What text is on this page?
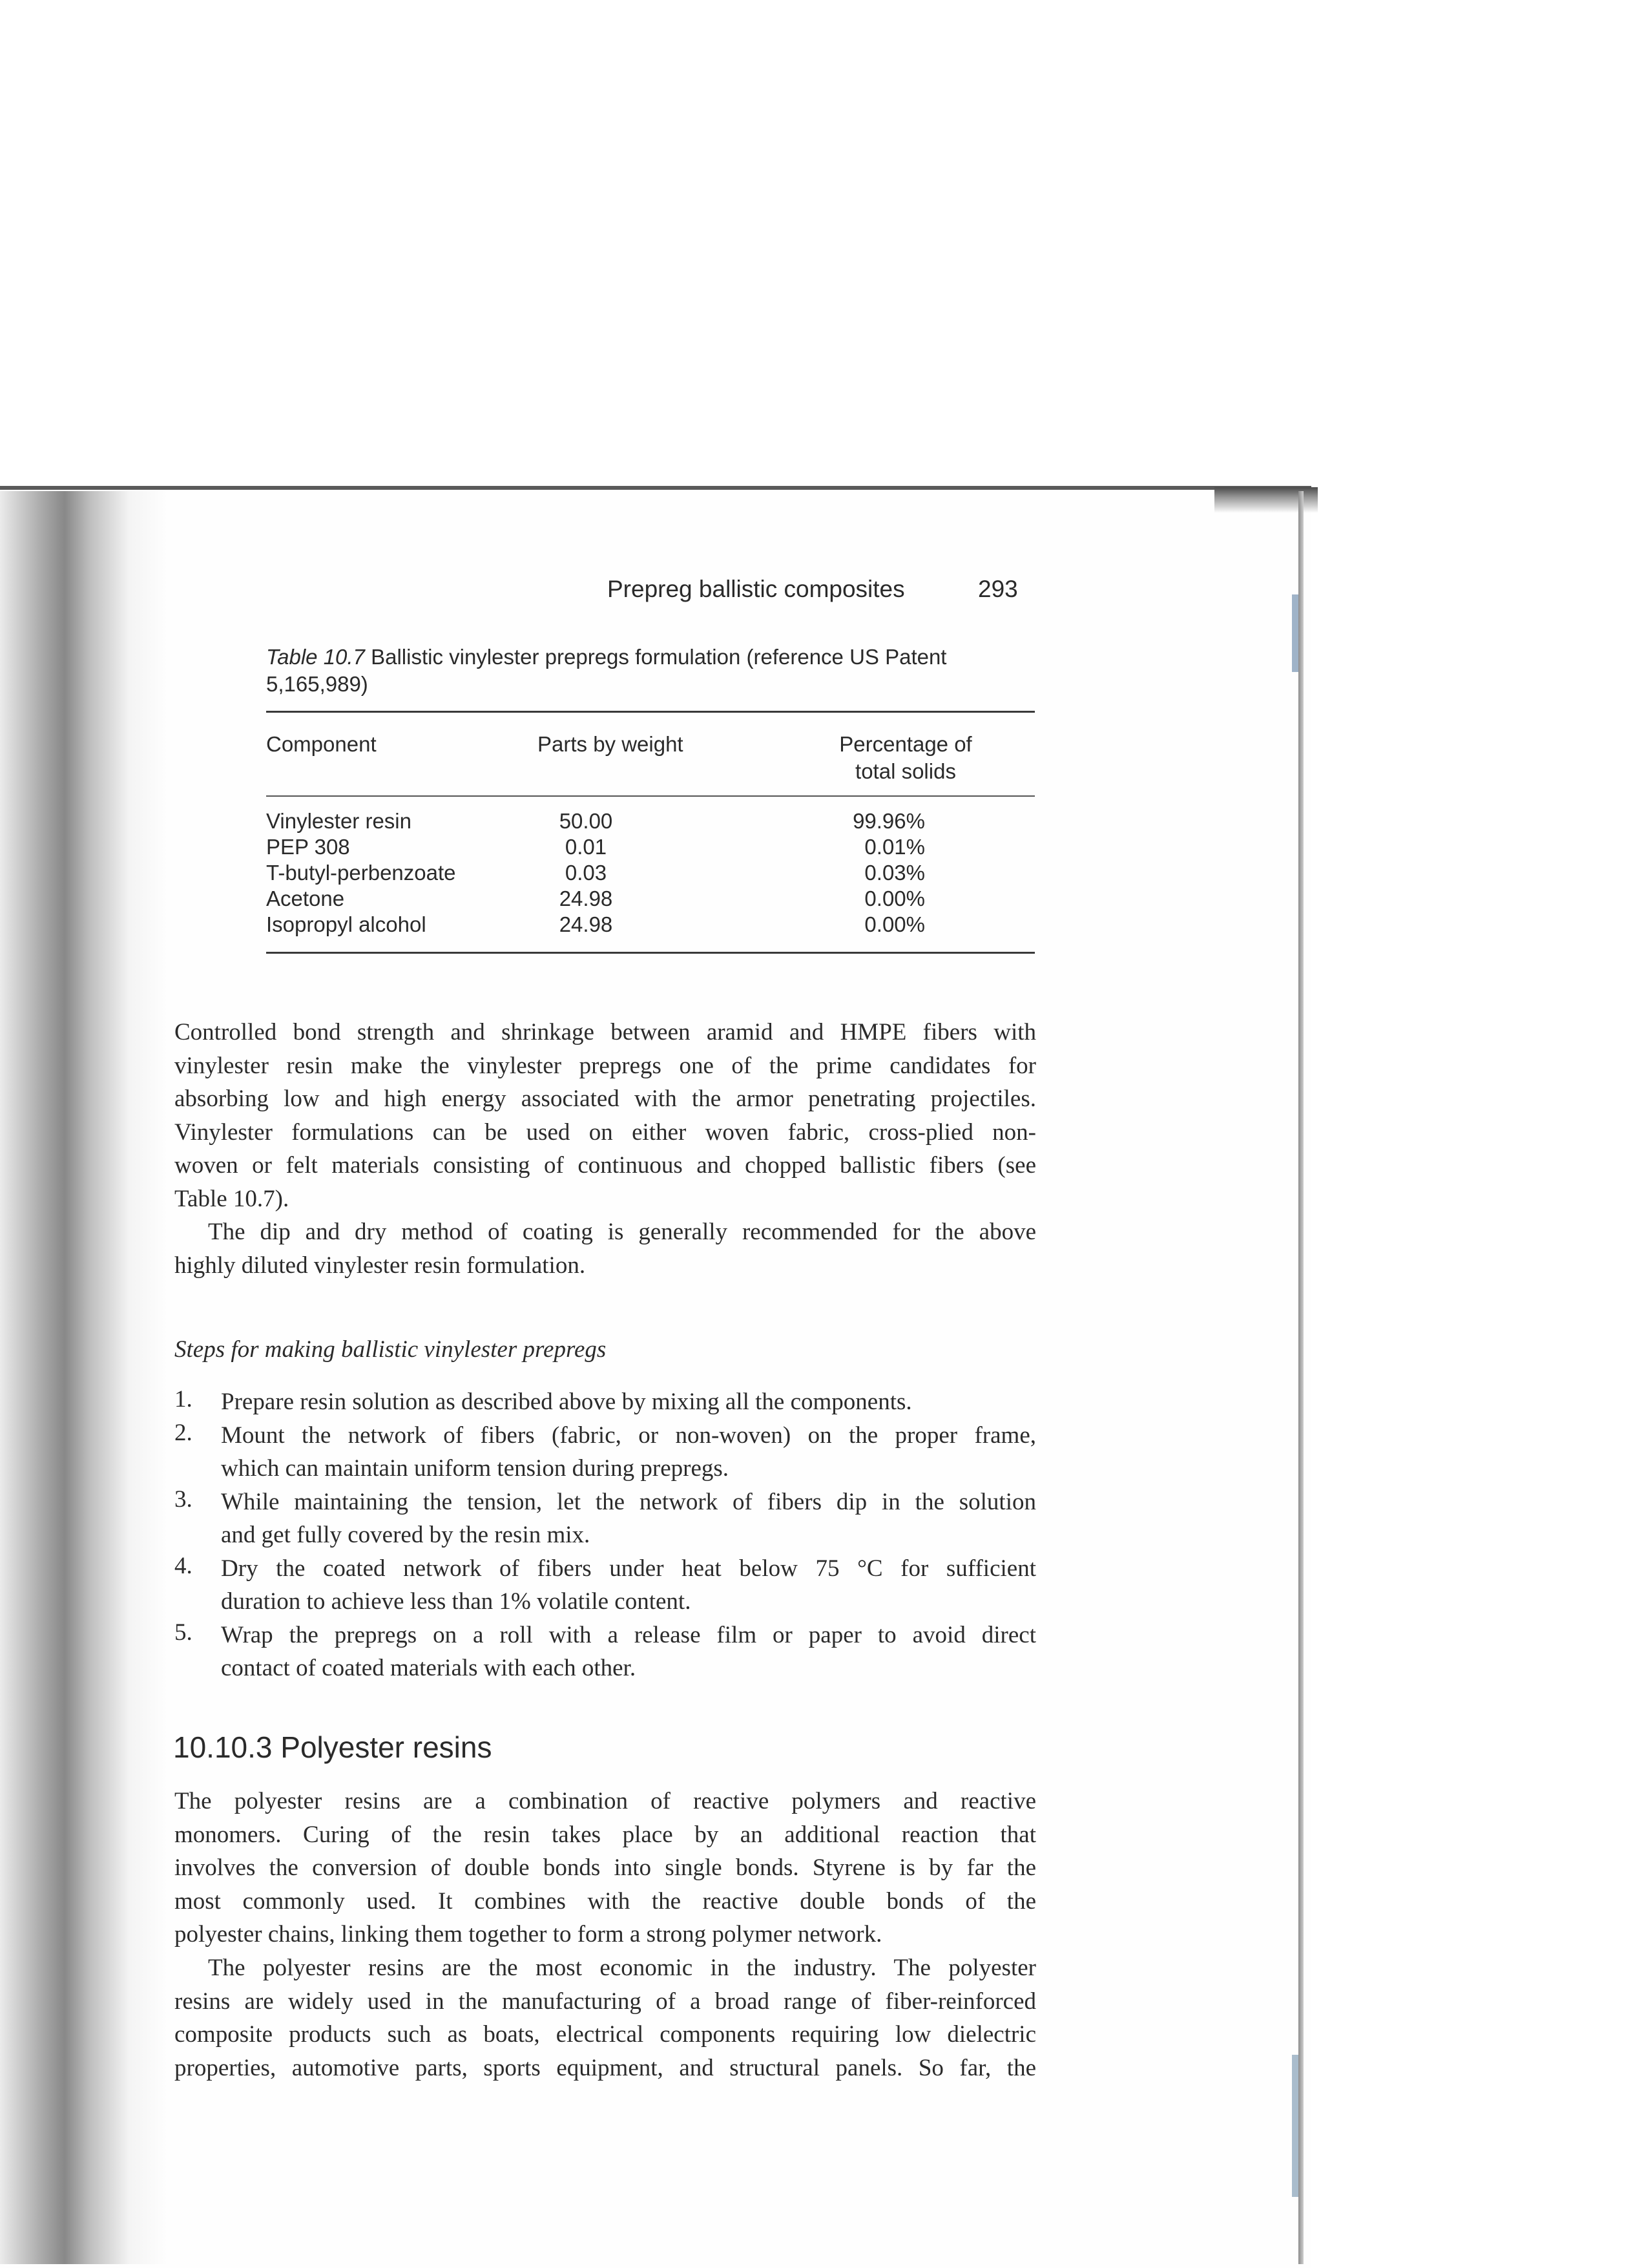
Prepreg ballistic composites	293
Table 10.7 Ballistic vinylester prepregs formulation (reference US Patent
5,165,989)
Component	Parts by weight	Percentage of
total solids
Vinylester resin	50.00	99.96%
PEP 308	0.01	0.01%
T-butyl-perbenzoate	0.03	0.03%
Acetone	24.98	0.00%
Isopropyl alcohol	24.98	0.00%
Controlled bond strength and shrinkage between aramid and HMPE fibers with
vinylester resin make the vinylester prepregs one of the prime candidates for
absorbing low and high energy associated with the armor penetrating projectiles.
Vinylester formulations can be used on either woven fabric, cross-plied non-
woven or felt materials consisting of continuous and chopped ballistic fibers (see
Table 10.7).
The dip and dry method of coating is generally recommended for the above
highly diluted vinylester resin formulation.
Steps for making ballistic vinylester prepregs
1.	Prepare resin solution as described above by mixing all the components.
2.	Mount the network of fibers (fabric, or non-woven) on the proper frame,
which can maintain uniform tension during prepregs.
3.	While maintaining the tension, let the network of fibers dip in the solution
and get fully covered by the resin mix.
4.	Dry the coated network of fibers under heat below 75 °C for sufficient
duration to achieve less than 1% volatile content.
5.	Wrap the prepregs on a roll with a release film or paper to avoid direct
contact of coated materials with each other.
10.10.3 Polyester resins
The polyester resins are a combination of reactive polymers and reactive
monomers. Curing of the resin takes place by an additional reaction that
involves the conversion of double bonds into single bonds. Styrene is by far the
most commonly used. It combines with the reactive double bonds of the
polyester chains, linking them together to form a strong polymer network.
The polyester resins are the most economic in the industry. The polyester
resins are widely used in the manufacturing of a broad range of fiber-reinforced
composite products such as boats, electrical components requiring low dielectric
properties, automotive parts, sports equipment, and structural panels. So far, the
